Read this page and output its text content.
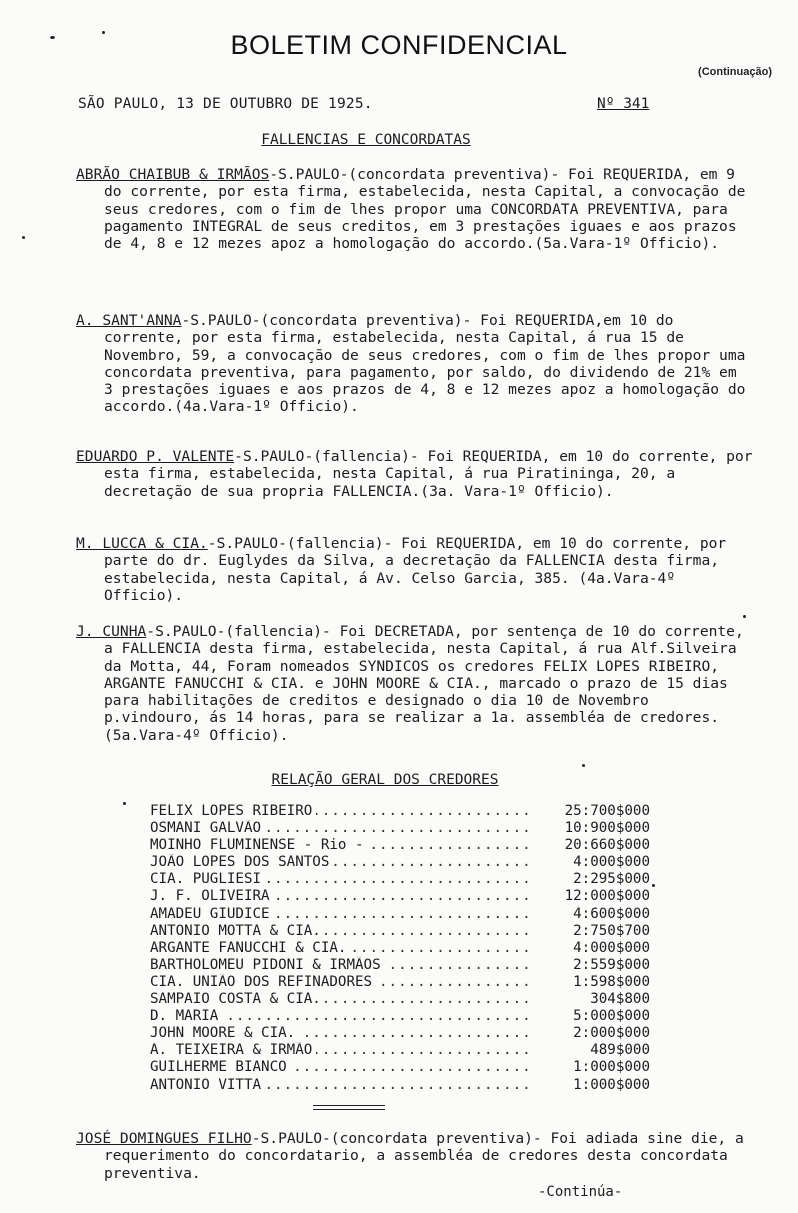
BOLETIM CONFIDENCIAL
(Continuação)
SÃO PAULO, 13 DE OUTUBRO DE 1925.	Nº 341
FALLENCIAS E CONCORDATAS

ABRÃO CHAIBUB & IRMÃOS-S.PAULO-(concordata preventiva)- Foi REQUERIDA, em 9 do corrente, por esta firma, estabelecida, nesta Capital, a convocação de seus credores, com o fim de lhes propor uma CONCORDATA PREVENTIVA, para pagamento INTEGRAL de seus creditos, em 3 prestações iguaes e aos prazos de 4, 8 e 12 mezes apoz a homologação do accordo.(5a.Vara-1º Officio).

A. SANT'ANNA-S.PAULO-(concordata preventiva)- Foi REQUERIDA,em 10 do corrente, por esta firma, estabelecida, nesta Capital, á rua 15 de Novembro, 59, a convocação de seus credores, com o fim de lhes propor uma concordata preventiva, para pagamento, por saldo, do dividendo de 21% em 3 prestações iguaes e aos prazos de 4, 8 e 12 mezes apoz a homologação do accordo.(4a.Vara-1º Officio).

EDUARDO P. VALENTE-S.PAULO-(fallencia)- Foi REQUERIDA, em 10 do corrente, por esta firma, estabelecida, nesta Capital, á rua Piratininga, 20, a decretação de sua propria FALLENCIA.(3a. Vara-1º Officio).

M. LUCCA & CIA.-S.PAULO-(fallencia)- Foi REQUERIDA, em 10 do corrente, por parte do dr. Euglydes da Silva, a decretação da FALLENCIA desta firma, estabelecida, nesta Capital, á Av. Celso Garcia, 385. (4a.Vara-4º Officio).

J. CUNHA-S.PAULO-(fallencia)- Foi DECRETADA, por sentença de 10 do corrente, a FALLENCIA desta firma, estabelecida, nesta Capital, á rua Alf.Silveira da Motta, 44, Foram nomeados SYNDICOS os credores FELIX LOPES RIBEIRO, ARGANTE FANUCCHI & CIA. e JOHN MOORE & CIA., marcado o prazo de 15 dias para habilitações de creditos e designado o dia 10 de Novembro p.vindouro, ás 14 horas, para se realizar a 1a. assembléa de credores. (5a.Vara-4º Officio).

RELAÇÃO GERAL DOS CREDORES
FELIX LOPES RIBEIRO .....	25:700$000
OSMANI GALVÃO .....	10:900$000
MOINHO FLUMINENSE - Rio - .....	20:660$000
JOÃO LOPES DOS SANTOS .....	4:000$000
CIA. PUGLIESI .....	2:295$000
J. F. OLIVEIRA .....	12:000$000
AMADEU GIUDICE .....	4:600$000
ANTONIO MOTTA & CIA. .....	2:750$700
ARGANTE FANUCCHI & CIA. .....	4:000$000
BARTHOLOMEU PIDONI & IRMÃOS .....	2:559$000
CIA. UNIÃO DOS REFINADORES .....	1:598$000
SAMPAIO COSTA & CIA. .....	304$800
D. MARIA .....	5:000$000
JOHN MOORE & CIA. .....	2:000$000
A. TEIXEIRA & IRMÃO .....	489$000
GUILHERME BIANCO .....	1:000$000
ANTONIO VITTA .....	1:000$000

JOSÉ DOMINGUES FILHO-S.PAULO-(concordata preventiva)- Foi adiada sine die, a requerimento do concordatario, a assembléa de credores desta concordata preventiva.

-Continúa-
